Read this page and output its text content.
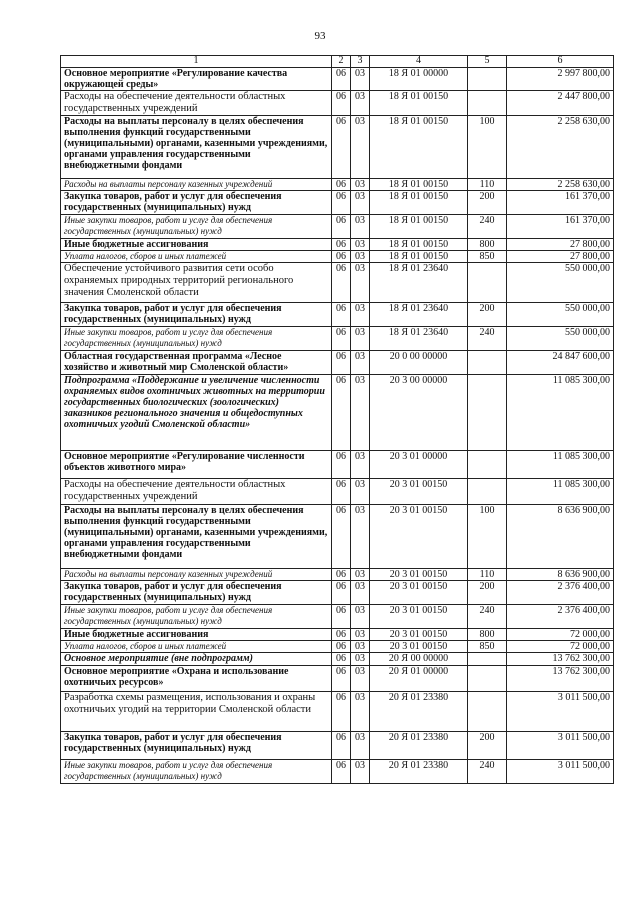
93
1	2	3	4	5	6
Основное мероприятие «Регулирование качества окружающей среды»	06	03	18 Я 01 00000		2 997 800,00
Расходы на обеспечение деятельности областных государственных учреждений	06	03	18 Я 01 00150		2 447 800,00
Расходы на выплаты персоналу в целях обеспечения выполнения функций государственными (муниципальными) органами, казенными учреждениями, органами управления государственными внебюджетными фондами	06	03	18 Я 01 00150	100	2 258 630,00
Расходы на выплаты персоналу казенных учреждений	06	03	18 Я 01 00150	110	2 258 630,00
Закупка товаров, работ и услуг для обеспечения государственных (муниципальных) нужд	06	03	18 Я 01 00150	200	161 370,00
Иные закупки товаров, работ и услуг для обеспечения государственных (муниципальных) нужд	06	03	18 Я 01 00150	240	161 370,00
Иные бюджетные ассигнования	06	03	18 Я 01 00150	800	27 800,00
Уплата налогов, сборов и иных платежей	06	03	18 Я 01 00150	850	27 800,00
Обеспечение устойчивого развития сети особо охраняемых природных территорий регионального значения Смоленской области	06	03	18 Я 01 23640		550 000,00
Закупка товаров, работ и услуг для обеспечения государственных (муниципальных) нужд	06	03	18 Я 01 23640	200	550 000,00
Иные закупки товаров, работ и услуг для обеспечения государственных (муниципальных) нужд	06	03	18 Я 01 23640	240	550 000,00
Областная государственная программа «Лесное хозяйство и животный мир Смоленской области»	06	03	20 0 00 00000		24 847 600,00
Подпрограмма «Поддержание и увеличение численности охраняемых видов охотничьих животных на территории государственных биологических (зоологических) заказников регионального значения и общедоступных охотничьих угодий Смоленской области»	06	03	20 3 00 00000		11 085 300,00
Основное мероприятие «Регулирование численности объектов животного мира»	06	03	20 3 01 00000		11 085 300,00
Расходы на обеспечение деятельности областных государственных учреждений	06	03	20 3 01 00150		11 085 300,00
Расходы на выплаты персоналу в целях обеспечения выполнения функций государственными (муниципальными) органами, казенными учреждениями, органами управления государственными внебюджетными фондами	06	03	20 3 01 00150	100	8 636 900,00
Расходы на выплаты персоналу казенных учреждений	06	03	20 3 01 00150	110	8 636 900,00
Закупка товаров, работ и услуг для обеспечения государственных (муниципальных) нужд	06	03	20 3 01 00150	200	2 376 400,00
Иные закупки товаров, работ и услуг для обеспечения государственных (муниципальных) нужд	06	03	20 3 01 00150	240	2 376 400,00
Иные бюджетные ассигнования	06	03	20 3 01 00150	800	72 000,00
Уплата налогов, сборов и иных платежей	06	03	20 3 01 00150	850	72 000,00
Основное мероприятие (вне подпрограмм)	06	03	20 Я 00 00000		13 762 300,00
Основное мероприятие «Охрана и использование охотничьих ресурсов»	06	03	20 Я 01 00000		13 762 300,00
Разработка схемы размещения, использования и охраны охотничьих угодий на территории Смоленской области	06	03	20 Я 01 23380		3 011 500,00
Закупка товаров, работ и услуг для обеспечения государственных (муниципальных) нужд	06	03	20 Я 01 23380	200	3 011 500,00
Иные закупки товаров, работ и услуг для обеспечения государственных (муниципальных) нужд	06	03	20 Я 01 23380	240	3 011 500,00
